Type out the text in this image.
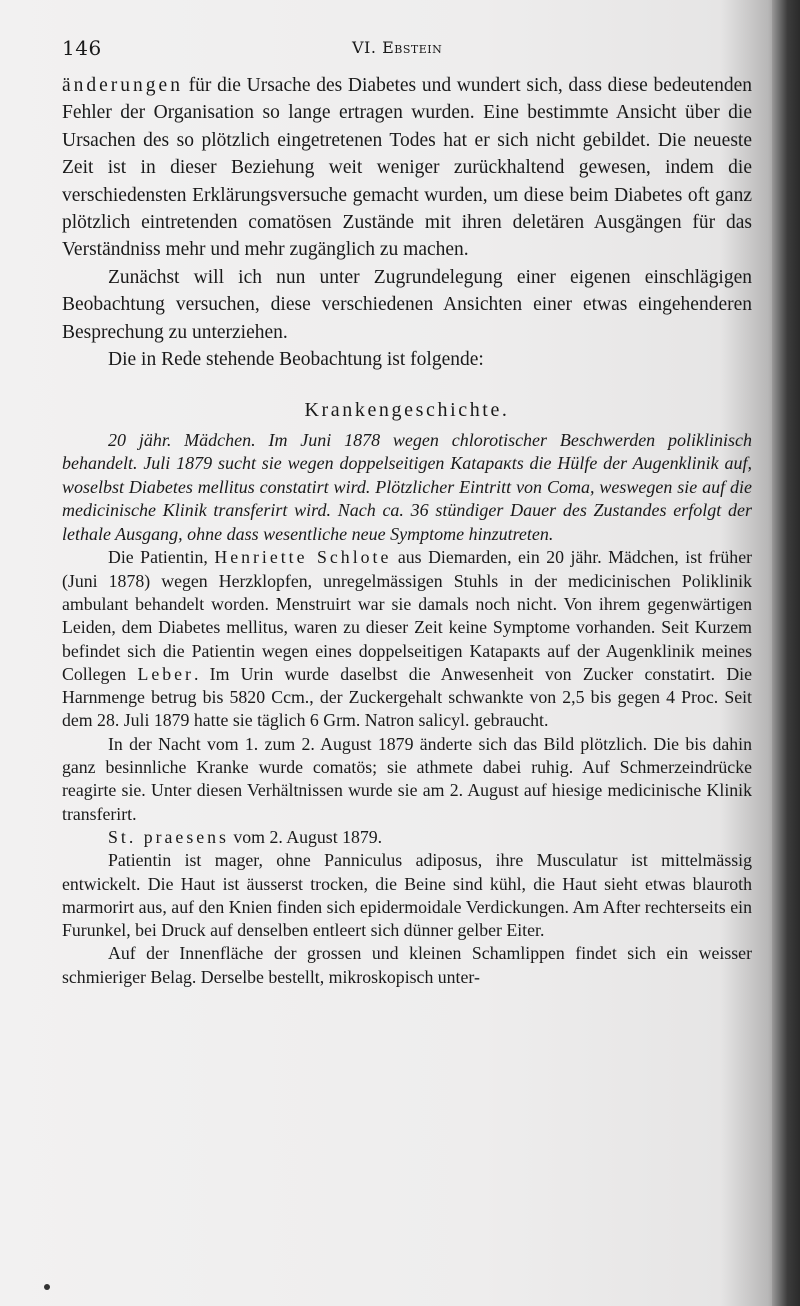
146	VI. Ebstein

änderungen für die Ursache des Diabetes und wundert sich, dass diese bedeutenden Fehler der Organisation so lange ertragen wurden. Eine bestimmte Ansicht über die Ursachen des so plötzlich eingetretenen Todes hat er sich nicht gebildet. Die neueste Zeit ist in dieser Beziehung weit weniger zurückhaltend gewesen, indem die verschiedensten Erklärungsversuche gemacht wurden, um diese beim Diabetes oft ganz plötzlich eintretenden comatösen Zustände mit ihren deletären Ausgängen für das Verständniss mehr und mehr zugänglich zu machen.

Zunächst will ich nun unter Zugrundelegung einer eigenen einschlägigen Beobachtung versuchen, diese verschiedenen Ansichten einer etwas eingehenderen Besprechung zu unterziehen.

Die in Rede stehende Beobachtung ist folgende:

Krankengeschichte.

20 jähr. Mädchen. Im Juni 1878 wegen chlorotischer Beschwerden poliklinisch behandelt. Juli 1879 sucht sie wegen doppelseitigen Kataракts die Hülfe der Augenklinik auf, woselbst Diabetes mellitus constatirt wird. Plötzlicher Eintritt von Coma, weswegen sie auf die medicinische Klinik transferirt wird. Nach ca. 36 stündiger Dauer des Zustandes erfolgt der lethale Ausgang, ohne dass wesentliche neue Symptome hinzutreten.

Die Patientin, Henriette Schlote aus Diemarden, ein 20 jähr. Mädchen, ist früher (Juni 1878) wegen Herzklopfen, unregelmässigen Stuhls in der medicinischen Poliklinik ambulant behandelt worden. Menstruirt war sie damals noch nicht. Von ihrem gegenwärtigen Leiden, dem Diabetes mellitus, waren zu dieser Zeit keine Symptome vorhanden. Seit Kurzem befindet sich die Patientin wegen eines doppelseitigen Kataракts auf der Augenklinik meines Collegen Leber. Im Urin wurde daselbst die Anwesenheit von Zucker constatirt. Die Harnmenge betrug bis 5820 Ccm., der Zuckergehalt schwankte von 2,5 bis gegen 4 Proc. Seit dem 28. Juli 1879 hatte sie täglich 6 Grm. Natron salicyl. gebraucht.

In der Nacht vom 1. zum 2. August 1879 änderte sich das Bild plötzlich. Die bis dahin ganz besinnliche Kranke wurde comatös; sie athmete dabei ruhig. Auf Schmerzeindrücke reagirte sie. Unter diesen Verhältnissen wurde sie am 2. August auf hiesige medicinische Klinik transferirt.

St. praesens vom 2. August 1879.

Patientin ist mager, ohne Panniculus adiposus, ihre Musculatur ist mittelmässig entwickelt. Die Haut ist äusserst trocken, die Beine sind kühl, die Haut sieht etwas blauroth marmorirt aus, auf den Knien finden sich epidermoidale Verdickungen. Am After rechterseits ein Furunkel, bei Druck auf denselben entleert sich dünner gelber Eiter.

Auf der Innenfläche der grossen und kleinen Schamlippen findet sich ein weisser schmieriger Belag. Derselbe bestellt, mikroskopisch unter-
